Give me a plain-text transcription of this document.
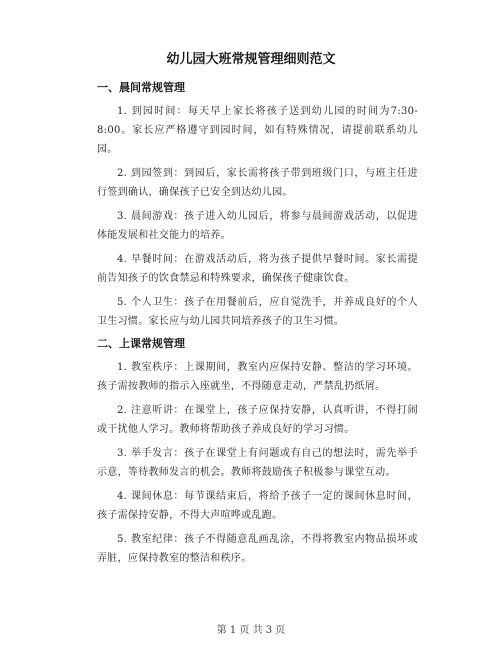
幼儿园大班常规管理细则范文
一、晨间常规管理

1. 到园时间：每天早上家长将孩子送到幼儿园的时间为7:30-8:00。家长应严格遵守到园时间，如有特殊情况，请提前联系幼儿园。

2. 到园签到：到园后，家长需将孩子带到班级门口，与班主任进行签到确认，确保孩子已安全到达幼儿园。

3. 晨间游戏：孩子进入幼儿园后，将参与晨间游戏活动，以促进体能发展和社交能力的培养。

4. 早餐时间：在游戏活动后，将为孩子提供早餐时间。家长需提前告知孩子的饮食禁忌和特殊要求，确保孩子健康饮食。

5. 个人卫生：孩子在用餐前后，应自觉洗手，并养成良好的个人卫生习惯。家长应与幼儿园共同培养孩子的卫生习惯。

二、上课常规管理

1. 教室秩序：上课期间，教室内应保持安静、整洁的学习环境。孩子需按教师的指示入座就坐，不得随意走动，严禁乱扔纸屑。

2. 注意听讲：在课堂上，孩子应保持安静，认真听讲，不得打闹或干扰他人学习。教师将帮助孩子养成良好的学习习惯。

3. 举手发言：孩子在课堂上有问题或有自己的想法时，需先举手示意，等待教师发言的机会。教师将鼓励孩子积极参与课堂互动。

4. 课间休息：每节课结束后，将给予孩子一定的课间休息时间，孩子需保持安静，不得大声喧哗或乱跑。

5. 教室纪律：孩子不得随意乱画乱涂，不得将教室内物品损坏或弄脏，应保持教室的整洁和秩序。

第 1 页 共 3 页
